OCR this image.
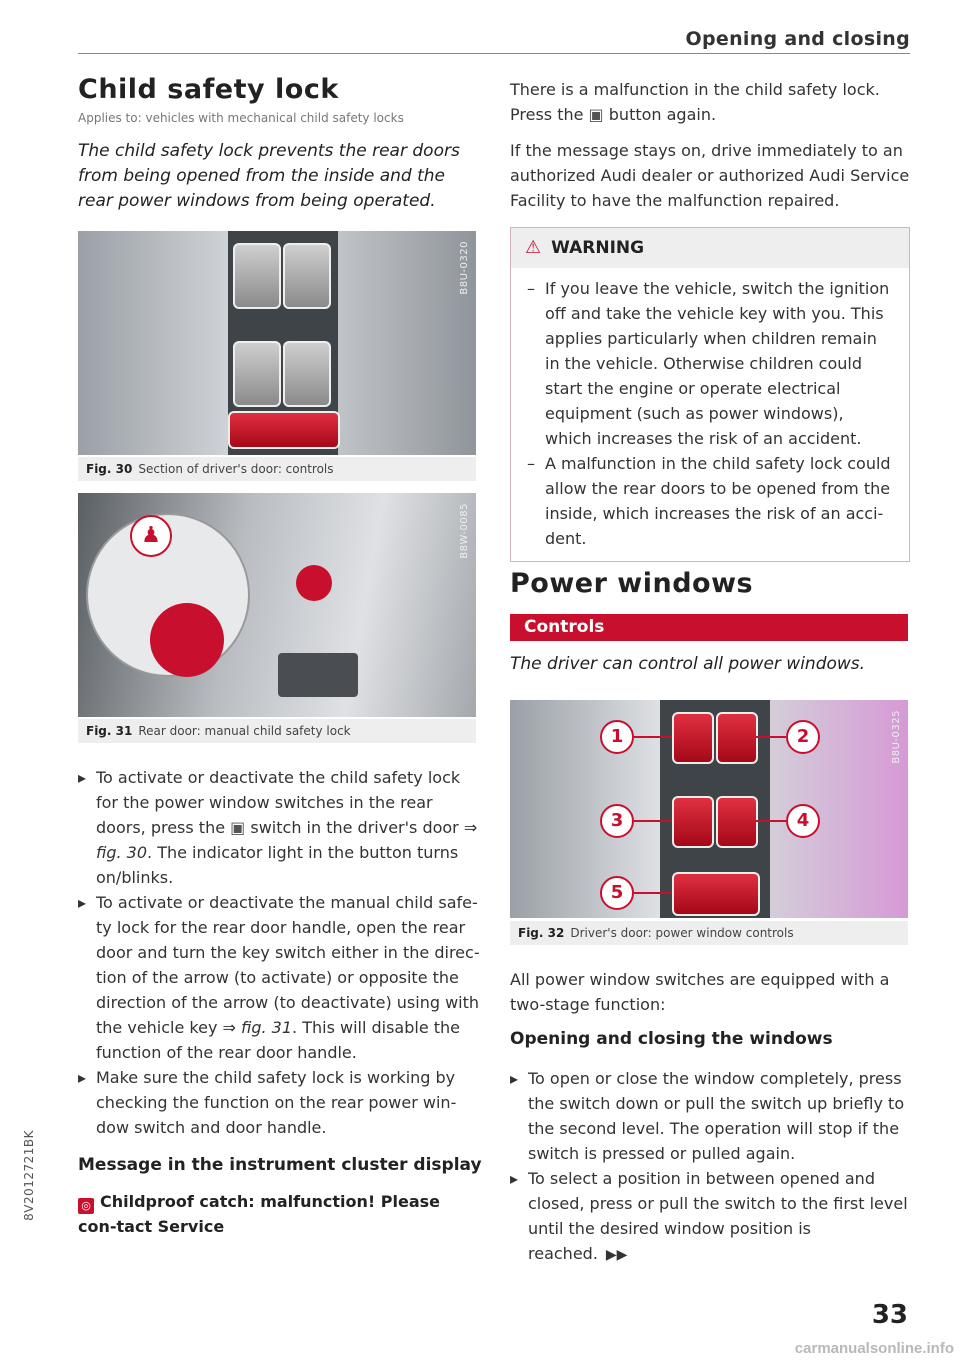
Opening and closing
Child safety lock
Applies to: vehicles with mechanical child safety locks
The child safety lock prevents the rear doors from being opened from the inside and the rear power windows from being operated.
B8U-0320
Fig. 30 Section of driver's door: controls
♟	B8W-0085
Fig. 31 Rear door: manual child safety lock
▸ To activate or deactivate the child safety lock for the power window switches in the rear doors, press the ▣ switch in the driver's door ⇒ fig. 30. The indicator light in the button turns on/blinks.
▸ To activate or deactivate the manual child safe-ty lock for the rear door handle, open the rear door and turn the key switch either in the direc-tion of the arrow (to activate) or opposite the direction of the arrow (to deactivate) using with the vehicle key ⇒ fig. 31. This will disable the function of the rear door handle.
▸ Make sure the child safety lock is working by checking the function on the rear power win-dow switch and door handle.
Message in the instrument cluster display
◎ Childproof catch: malfunction! Please con-tact Service
There is a malfunction in the child safety lock. Press the ▣ button again.
If the message stays on, drive immediately to an authorized Audi dealer or authorized Audi Service Facility to have the malfunction repaired.
⚠ WARNING
– If you leave the vehicle, switch the ignition off and take the vehicle key with you. This applies particularly when children remain in the vehicle. Otherwise children could start the engine or operate electrical equipment (such as power windows), which increases the risk of an accident.
– A malfunction in the child safety lock could allow the rear doors to be opened from the inside, which increases the risk of an acci-dent.
Power windows
Controls
The driver can control all power windows.
1	2
3	4
5
B8U-0325
Fig. 32 Driver's door: power window controls
All power window switches are equipped with a two-stage function:
Opening and closing the windows
▸ To open or close the window completely, press the switch down or pull the switch up briefly to the second level. The operation will stop if the switch is pressed or pulled again.
▸ To select a position in between opened and closed, press or pull the switch to the first level until the desired window position is reached. ▶▶
8V2012721BK
33
carmanualsonline.info
